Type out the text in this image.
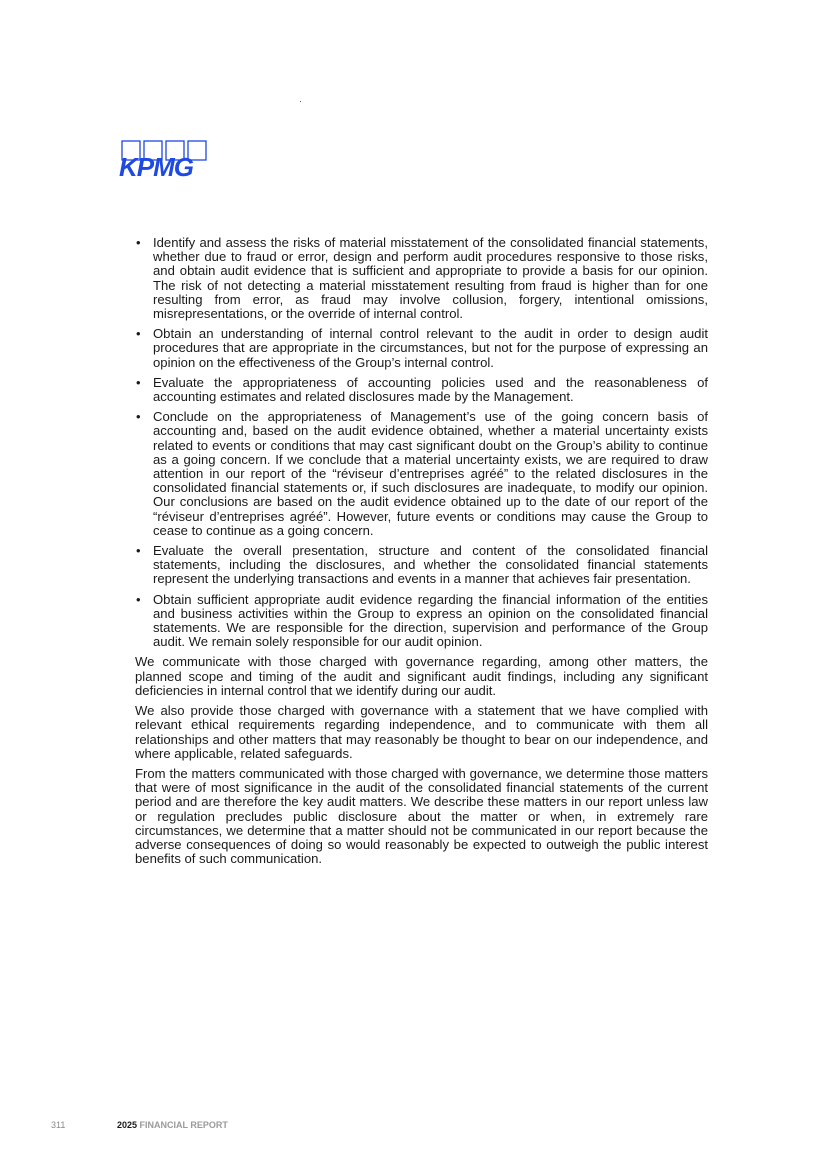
KPMG
• Identify and assess the risks of material misstatement of the consolidated financial statements, whether due to fraud or error, design and perform audit procedures responsive to those risks, and obtain audit evidence that is sufficient and appropriate to provide a basis for our opinion. The risk of not detecting a material misstatement resulting from fraud is higher than for one resulting from error, as fraud may involve collusion, forgery, intentional omissions, misrepresentations, or the override of internal control.
• Obtain an understanding of internal control relevant to the audit in order to design audit procedures that are appropriate in the circumstances, but not for the purpose of expressing an opinion on the effectiveness of the Group’s internal control.
• Evaluate the appropriateness of accounting policies used and the reasonableness of accounting estimates and related disclosures made by the Management.
• Conclude on the appropriateness of Management’s use of the going concern basis of accounting and, based on the audit evidence obtained, whether a material uncertainty exists related to events or conditions that may cast significant doubt on the Group’s ability to continue as a going concern. If we conclude that a material uncertainty exists, we are required to draw attention in our report of the “réviseur d’entreprises agréé” to the related disclosures in the consolidated financial statements or, if such disclosures are inadequate, to modify our opinion. Our conclusions are based on the audit evidence obtained up to the date of our report of the “réviseur d’entreprises agréé”. However, future events or conditions may cause the Group to cease to continue as a going concern.
• Evaluate the overall presentation, structure and content of the consolidated financial statements, including the disclosures, and whether the consolidated financial statements represent the underlying transactions and events in a manner that achieves fair presentation.
• Obtain sufficient appropriate audit evidence regarding the financial information of the entities and business activities within the Group to express an opinion on the consolidated financial statements. We are responsible for the direction, supervision and performance of the Group audit. We remain solely responsible for our audit opinion.

We communicate with those charged with governance regarding, among other matters, the planned scope and timing of the audit and significant audit findings, including any significant deficiencies in internal control that we identify during our audit.

We also provide those charged with governance with a statement that we have complied with relevant ethical requirements regarding independence, and to communicate with them all relationships and other matters that may reasonably be thought to bear on our independence, and where applicable, related safeguards.

From the matters communicated with those charged with governance, we determine those matters that were of most significance in the audit of the consolidated financial statements of the current period and are therefore the key audit matters. We describe these matters in our report unless law or regulation precludes public disclosure about the matter or when, in extremely rare circumstances, we determine that a matter should not be communicated in our report because the adverse consequences of doing so would reasonably be expected to outweigh the public interest benefits of such communication.

311	2025 FINANCIAL REPORT
